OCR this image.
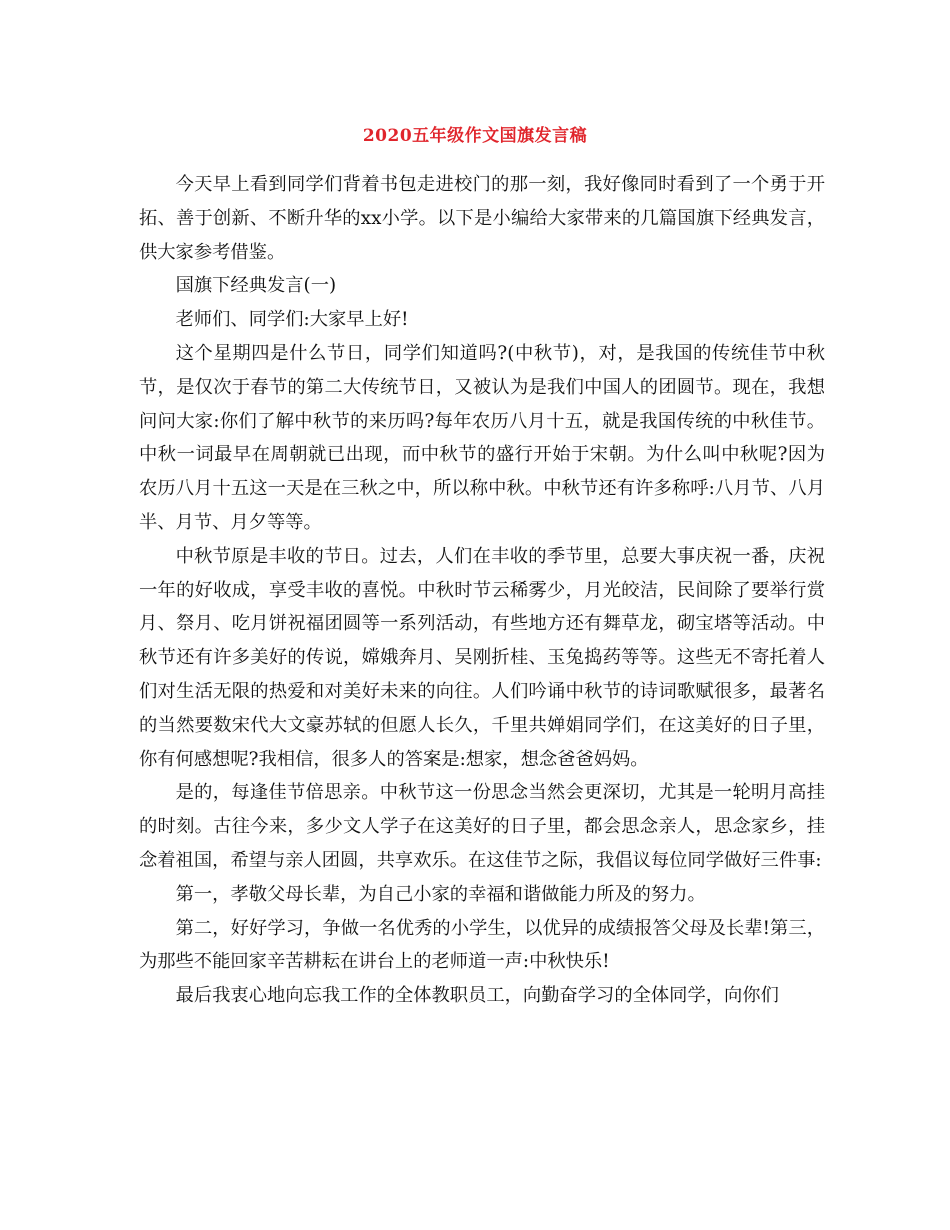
2020五年级作文国旗发言稿

今天早上看到同学们背着书包走进校门的那一刻，我好像同时看到了一个勇于开拓、善于创新、不断升华的xx小学。以下是小编给大家带来的几篇国旗下经典发言，供大家参考借鉴。

国旗下经典发言(一)

老师们、同学们:大家早上好!

这个星期四是什么节日，同学们知道吗?(中秋节)，对，是我国的传统佳节中秋节，是仅次于春节的第二大传统节日，又被认为是我们中国人的团圆节。现在，我想问问大家:你们了解中秋节的来历吗?每年农历八月十五，就是我国传统的中秋佳节。中秋一词最早在周朝就已出现，而中秋节的盛行开始于宋朝。为什么叫中秋呢?因为农历八月十五这一天是在三秋之中，所以称中秋。中秋节还有许多称呼:八月节、八月半、月节、月夕等等。

中秋节原是丰收的节日。过去，人们在丰收的季节里，总要大事庆祝一番，庆祝一年的好收成，享受丰收的喜悦。中秋时节云稀雾少，月光皎洁，民间除了要举行赏月、祭月、吃月饼祝福团圆等一系列活动，有些地方还有舞草龙，砌宝塔等活动。中秋节还有许多美好的传说，嫦娥奔月、吴刚折桂、玉兔捣药等等。这些无不寄托着人们对生活无限的热爱和对美好未来的向往。人们吟诵中秋节的诗词歌赋很多，最著名的当然要数宋代大文豪苏轼的但愿人长久，千里共婵娟同学们，在这美好的日子里，你有何感想呢?我相信，很多人的答案是:想家，想念爸爸妈妈。

是的，每逢佳节倍思亲。中秋节这一份思念当然会更深切，尤其是一轮明月高挂的时刻。古往今来，多少文人学子在这美好的日子里，都会思念亲人，思念家乡，挂念着祖国，希望与亲人团圆，共享欢乐。在这佳节之际，我倡议每位同学做好三件事:

第一，孝敬父母长辈，为自己小家的幸福和谐做能力所及的努力。

第二，好好学习，争做一名优秀的小学生，以优异的成绩报答父母及长辈!第三，为那些不能回家辛苦耕耘在讲台上的老师道一声:中秋快乐!

最后我衷心地向忘我工作的全体教职员工，向勤奋学习的全体同学，向你们
